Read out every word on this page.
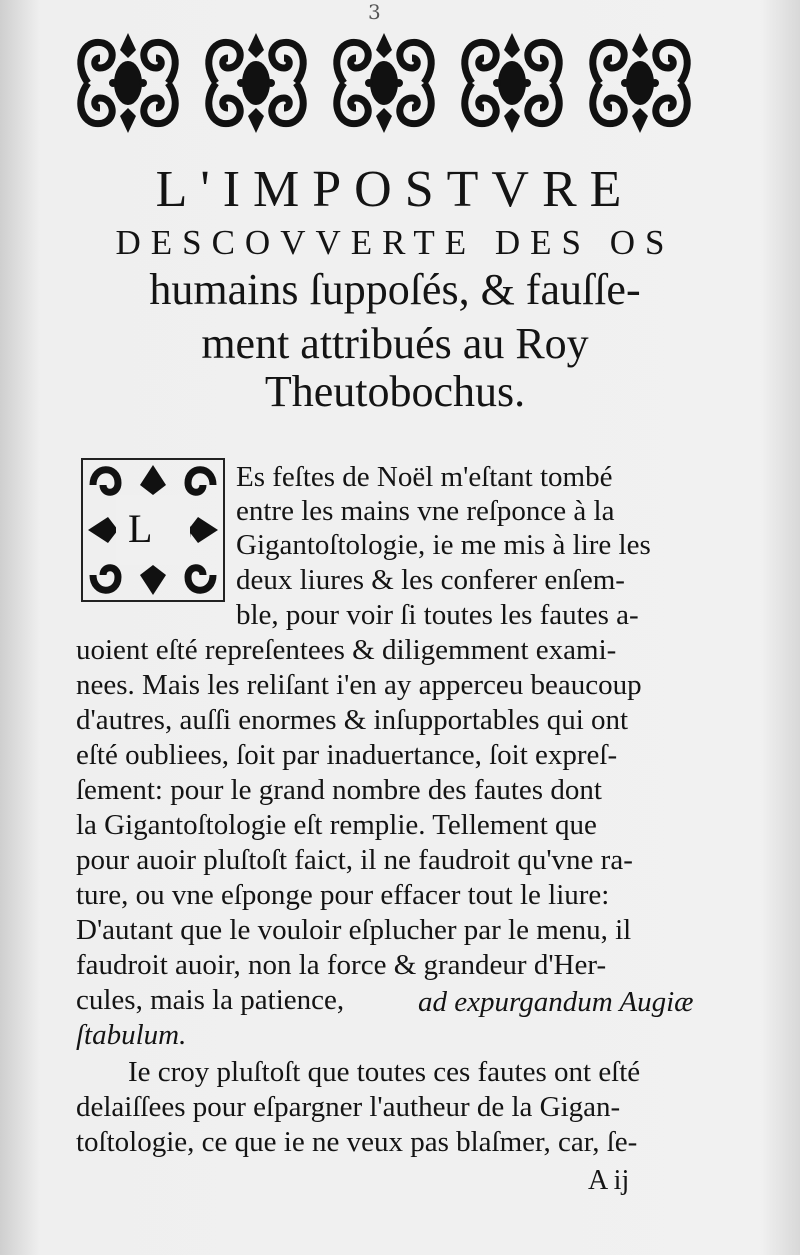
3
L'IMPOSTVRE
DESCOVVERTE DES OS
humains ſuppoſés, & fauſſe-
ment attribués au Roy
Theutobochus.
L
Es feſtes de Noël m'eſtant tombé
entre les mains vne reſponce à la
Gigantoſtologie, ie me mis à lire les
deux liures & les conferer enſem-
ble, pour voir ſi toutes les fautes a-
uoient eſté repreſentees & diligemment exami-
nees. Mais les reliſant i'en ay apperceu beaucoup
d'autres, auſſi enormes & inſupportables qui ont
eſté oubliees, ſoit par inaduertance, ſoit expreſ-
ſement: pour le grand nombre des fautes dont
la Gigantoſtologie eſt remplie. Tellement que
pour auoir pluſtoſt faict, il ne faudroit qu'vne ra-
ture, ou vne eſponge pour effacer tout le liure:
D'autant que le vouloir eſplucher par le menu, il
faudroit auoir, non la force & grandeur d'Her-
cules, mais la patience,	ad expurgandum Augiæ
ſtabulum.
Ie croy pluſtoſt que toutes ces fautes ont eſté
delaiſſees pour eſpargner l'autheur de la Gigan-
toſtologie, ce que ie ne veux pas blaſmer, car, ſe-
A ij
